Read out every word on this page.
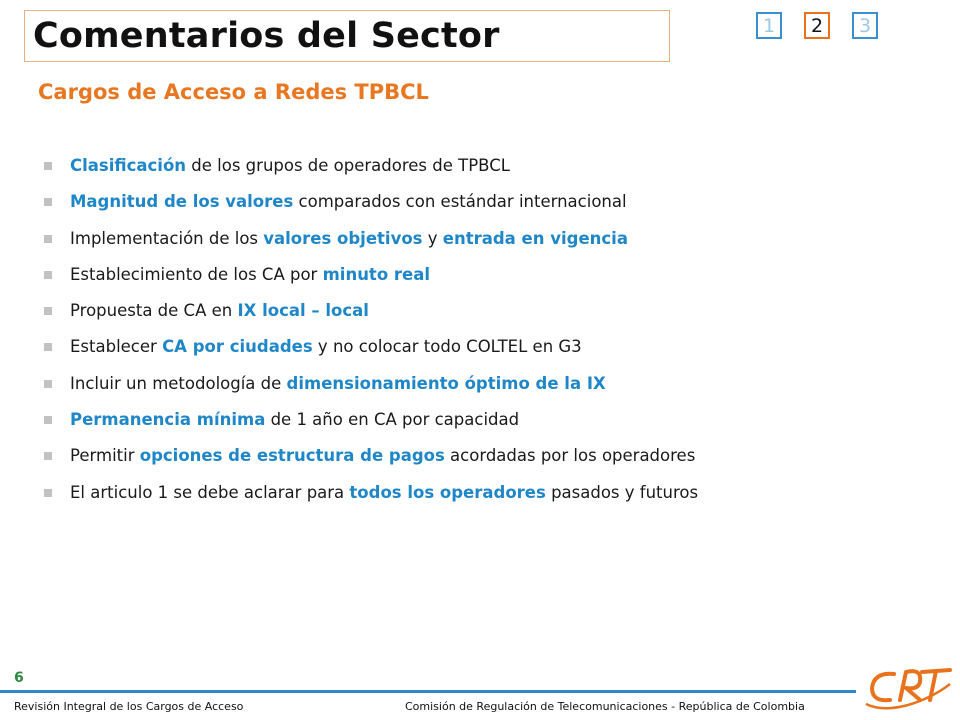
Comentarios del Sector	1	2	3
Cargos de Acceso a Redes TPBCL
Clasificación de los grupos de operadores de TPBCL
Magnitud de los valores comparados con estándar internacional
Implementación de los valores objetivos y entrada en vigencia
Establecimiento de los CA por minuto real
Propuesta de CA en IX local – local
Establecer CA por ciudades y no colocar todo COLTEL en G3
Incluir un metodología de dimensionamiento óptimo de la IX
Permanencia mínima de 1 año en CA por capacidad
Permitir opciones de estructura de pagos acordadas por los operadores
El articulo 1 se debe aclarar para todos los operadores pasados y futuros
6
Revisión Integral de los Cargos de Acceso	Comisión de Regulación de Telecomunicaciones - República de Colombia
